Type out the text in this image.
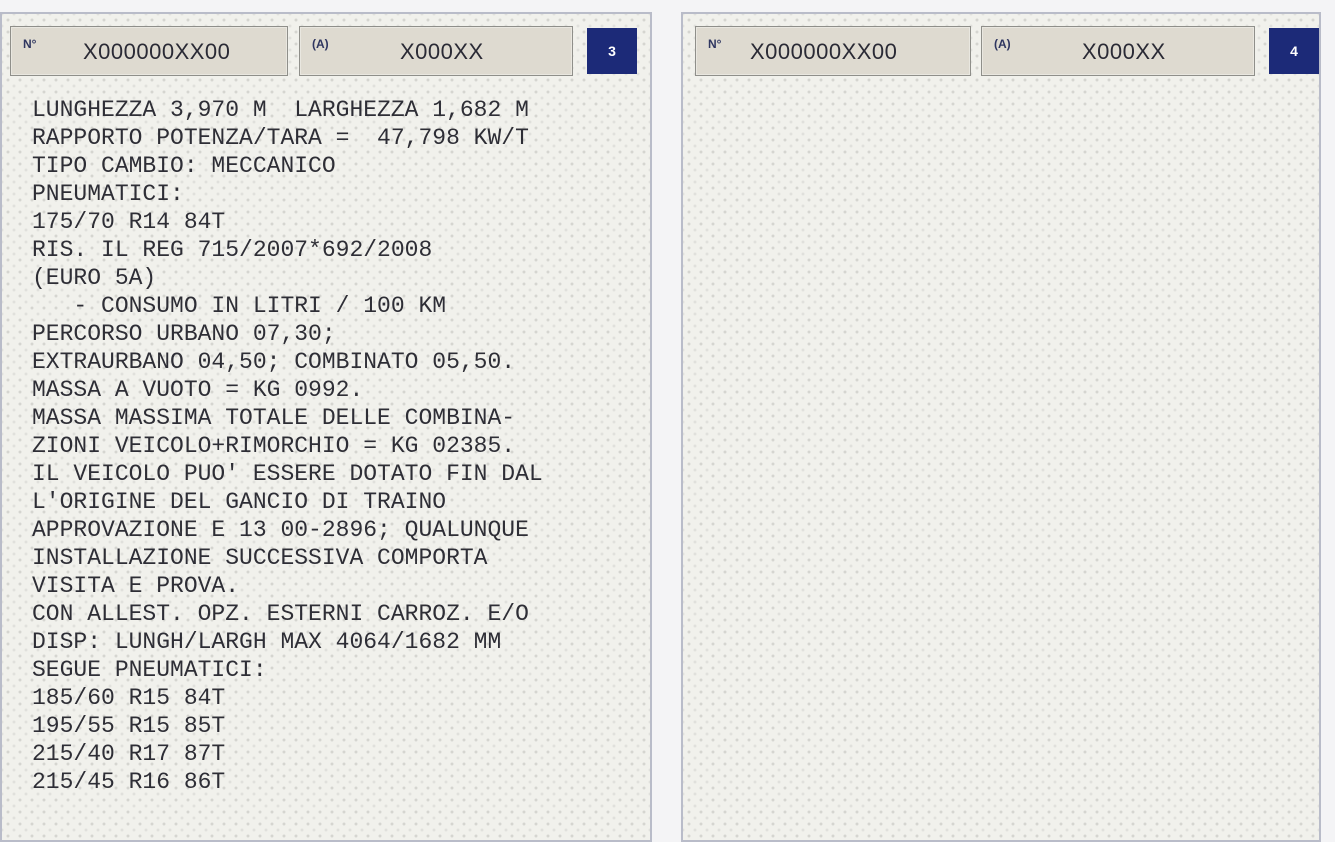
N° X000000XX00	(A)	X000XX	3
LUNGHEZZA 3,970 M  LARGHEZZA 1,682 M
RAPPORTO POTENZA/TARA =  47,798 KW/T
TIPO CAMBIO: MECCANICO
PNEUMATICI:
175/70 R14 84T
RIS. IL REG 715/2007*692/2008
(EURO 5A)
- CONSUMO IN LITRI / 100 KM
PERCORSO URBANO 07,30;
EXTRAURBANO 04,50; COMBINATO 05,50.
MASSA A VUOTO = KG 0992.
MASSA MASSIMA TOTALE DELLE COMBINA-
ZIONI VEICOLO+RIMORCHIO = KG 02385.
IL VEICOLO PUO' ESSERE DOTATO FIN DAL
L'ORIGINE DEL GANCIO DI TRAINO
APPROVAZIONE E 13 00-2896; QUALUNQUE
INSTALLAZIONE SUCCESSIVA COMPORTA
VISITA E PROVA.
CON ALLEST. OPZ. ESTERNI CARROZ. E/O
DISP: LUNGH/LARGH MAX 4064/1682 MM
SEGUE PNEUMATICI:
185/60 R15 84T
195/55 R15 85T
215/40 R17 87T
215/45 R16 86T
N° X000000XX00	(A)	X000XX	4
